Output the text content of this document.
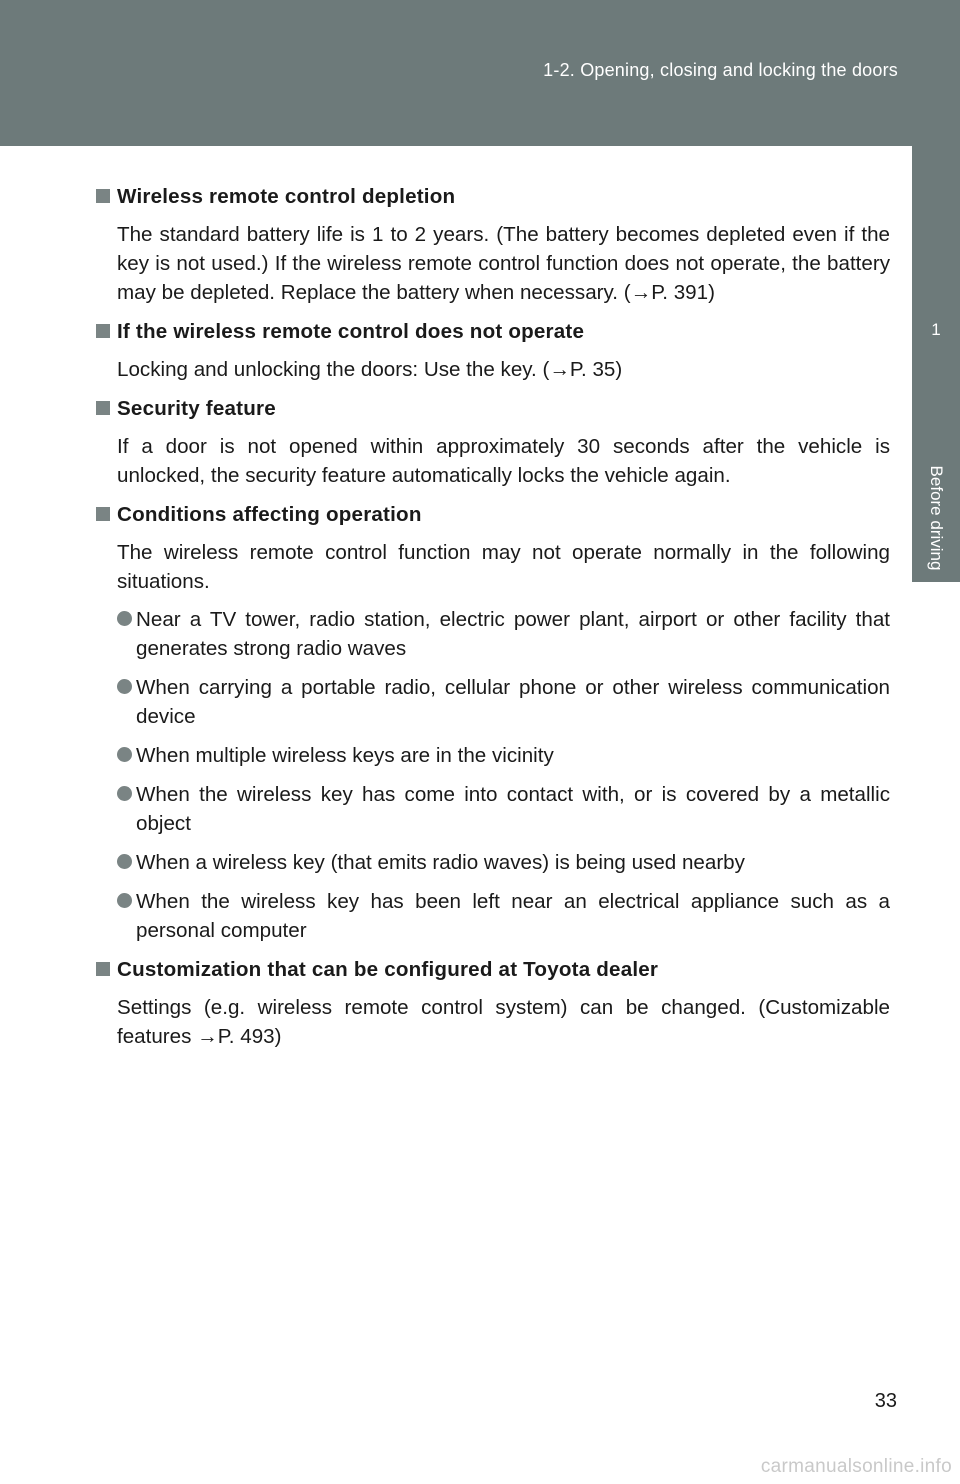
1-2. Opening, closing and locking the doors
1
Before driving
Wireless remote control depletion
The standard battery life is 1 to 2 years. (The battery becomes depleted even if the key is not used.) If the wireless remote control function does not operate, the battery may be depleted. Replace the battery when necessary. (→P. 391)
If the wireless remote control does not operate
Locking and unlocking the doors: Use the key. (→P. 35)
Security feature
If a door is not opened within approximately 30 seconds after the vehicle is unlocked, the security feature automatically locks the vehicle again.
Conditions affecting operation
The wireless remote control function may not operate normally in the following situations.
Near a TV tower, radio station, electric power plant, airport or other facility that generates strong radio waves
When carrying a portable radio, cellular phone or other wireless communication device
When multiple wireless keys are in the vicinity
When the wireless key has come into contact with, or is covered by a metallic object
When a wireless key (that emits radio waves) is being used nearby
When the wireless key has been left near an electrical appliance such as a personal computer
Customization that can be configured at Toyota dealer
Settings (e.g. wireless remote control system) can be changed. (Customizable features →P. 493)
33
carmanualsonline.info
